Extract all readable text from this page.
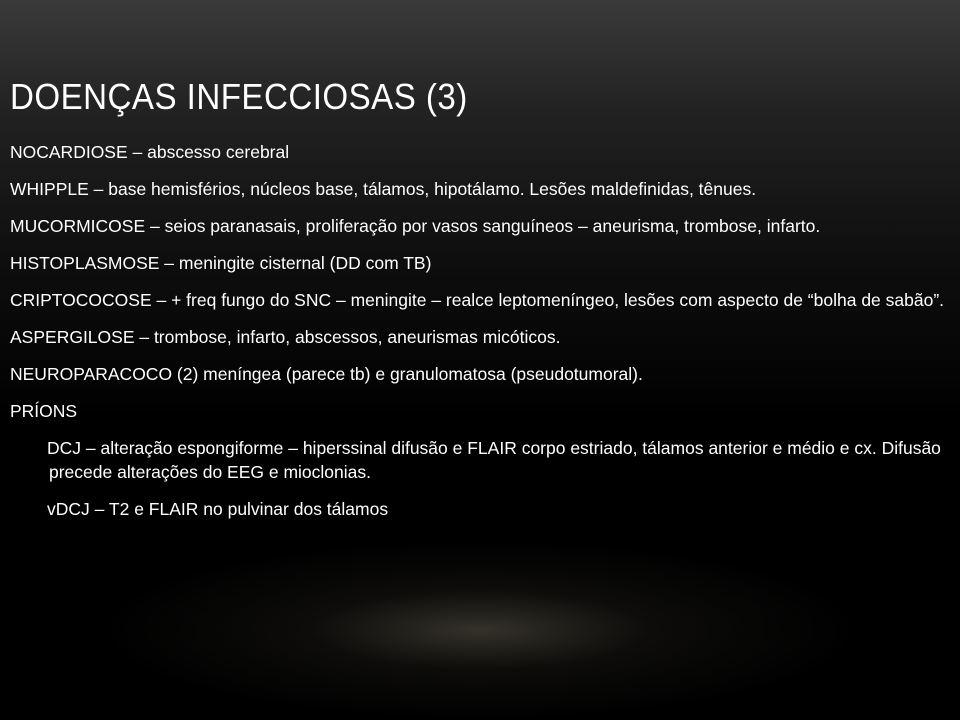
DOENÇAS INFECCIOSAS (3)
NOCARDIOSE – abscesso cerebral
WHIPPLE – base hemisférios, núcleos base, tálamos, hipotálamo. Lesões maldefinidas, tênues.
MUCORMICOSE – seios paranasais, proliferação por vasos sanguíneos – aneurisma, trombose, infarto.
HISTOPLASMOSE – meningite cisternal (DD com TB)
CRIPTOCOCOSE – + freq fungo do SNC – meningite – realce leptomeníngeo, lesões com aspecto de “bolha de sabão”.
ASPERGILOSE – trombose, infarto, abscessos, aneurismas micóticos.
NEUROPARACOCO (2) meníngea (parece tb) e granulomatosa (pseudotumoral).
PRÍONS
DCJ – alteração espongiforme – hiperssinal difusão e FLAIR corpo estriado, tálamos anterior e médio e cx. Difusão precede alterações do EEG e mioclonias.
vDCJ – T2 e FLAIR no pulvinar dos tálamos
